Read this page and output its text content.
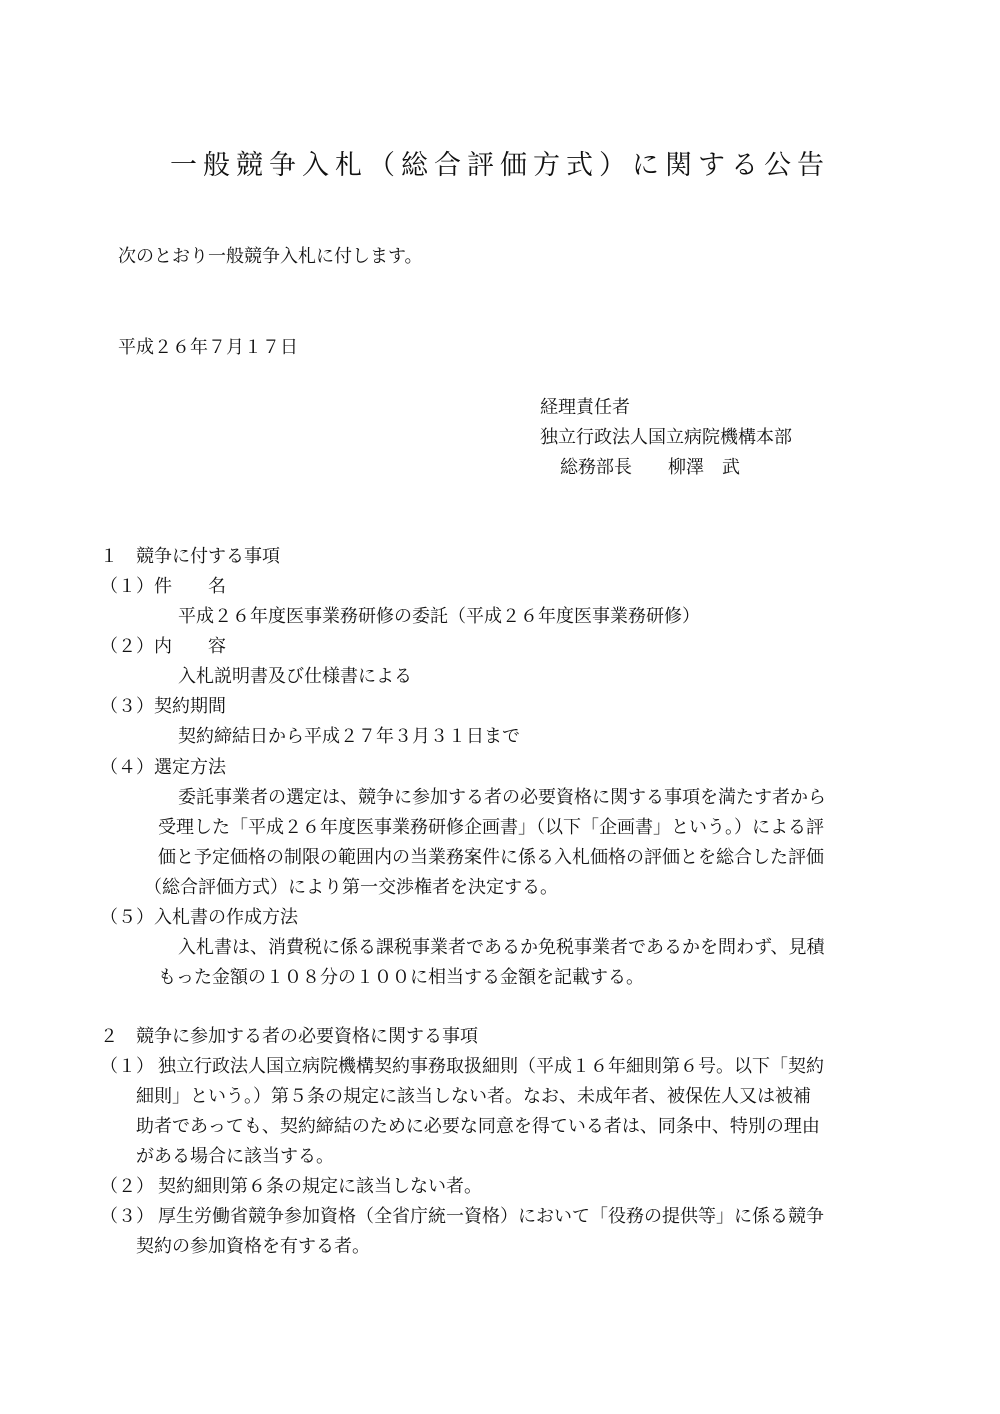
一般競争入札（総合評価方式）に関する公告
次のとおり一般競争入札に付します。
平成２６年７月１７日
経理責任者
独立行政法人国立病院機構本部
総務部長　　柳澤　武
１　競争に付する事項
（１）件　　名
平成２６年度医事業務研修の委託（平成２６年度医事業務研修）
（２）内　　容
入札説明書及び仕様書による
（３）契約期間
契約締結日から平成２７年３月３１日まで
（４）選定方法
委託事業者の選定は、競争に参加する者の必要資格に関する事項を満たす者から
受理した「平成２６年度医事業務研修企画書」（以下「企画書」という。）による評
価と予定価格の制限の範囲内の当業務案件に係る入札価格の評価とを総合した評価
（総合評価方式）により第一交渉権者を決定する。
（５）入札書の作成方法
入札書は、消費税に係る課税事業者であるか免税事業者であるかを問わず、見積
もった金額の１０８分の１００に相当する金額を記載する。
２　競争に参加する者の必要資格に関する事項
（１） 独立行政法人国立病院機構契約事務取扱細則（平成１６年細則第６号。以下「契約
細則」という。）第５条の規定に該当しない者。なお、未成年者、被保佐人又は被補
助者であっても、契約締結のために必要な同意を得ている者は、同条中、特別の理由
がある場合に該当する。
（２） 契約細則第６条の規定に該当しない者。
（３） 厚生労働省競争参加資格（全省庁統一資格）において「役務の提供等」に係る競争
契約の参加資格を有する者。
